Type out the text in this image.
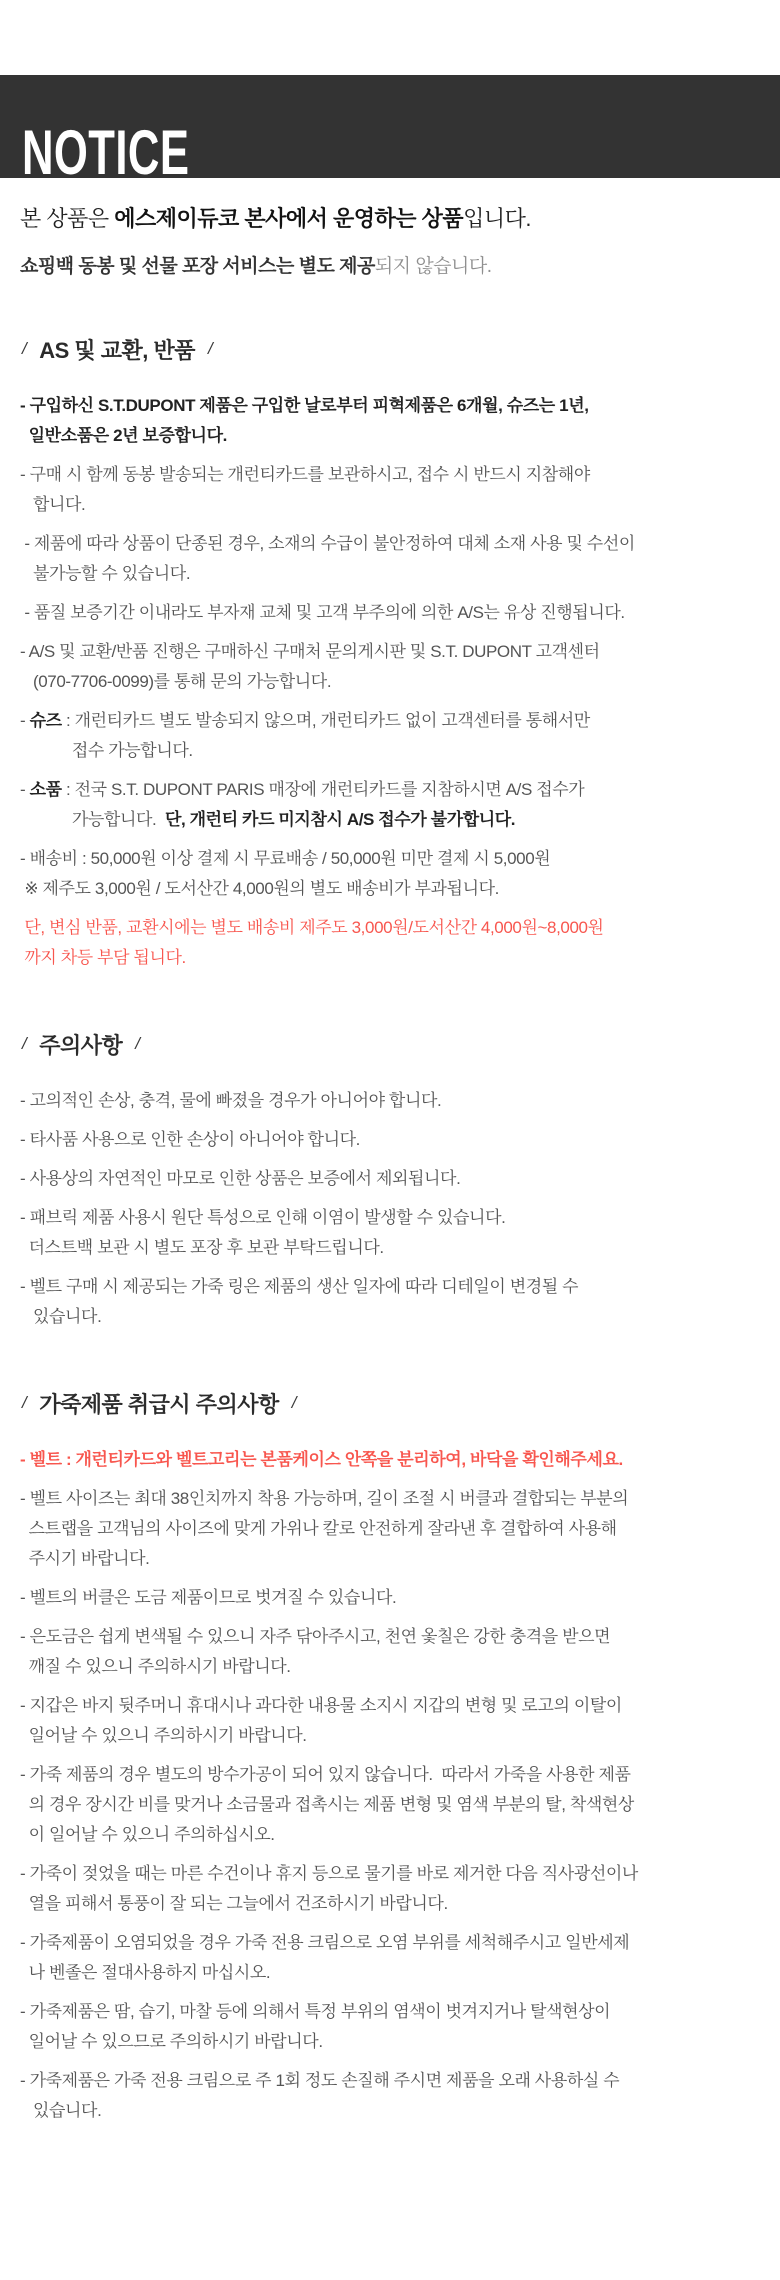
NOTICE
본 상품은 에스제이듀코 본사에서 운영하는 상품입니다.
쇼핑백 동봉 및 선물 포장 서비스는 별도 제공되지 않습니다.
/ AS 및 교환, 반품 /
- 구입하신 S.T.DUPONT 제품은 구입한 날로부터 피혁제품은 6개월, 슈즈는 1년,
일반소품은 2년 보증합니다.
- 구매 시 함께 동봉 발송되는 개런티카드를 보관하시고, 접수 시 반드시 지참해야
합니다.
- 제품에 따라 상품이 단종된 경우, 소재의 수급이 불안정하여 대체 소재 사용 및 수선이
불가능할 수 있습니다.
- 품질 보증기간 이내라도 부자재 교체 및 고객 부주의에 의한 A/S는 유상 진행됩니다.
- A/S 및 교환/반품 진행은 구매하신 구매처 문의게시판 및 S.T. DUPONT 고객센터
(070-7706-0099)를 통해 문의 가능합니다.
- 슈즈 : 개런티카드 별도 발송되지 않으며, 개런티카드 없이 고객센터를 통해서만
접수 가능합니다.
- 소품 : 전국 S.T. DUPONT PARIS 매장에 개런티카드를 지참하시면 A/S 접수가
가능합니다.  단, 개런티 카드 미지참시 A/S 접수가 불가합니다.
- 배송비 : 50,000원 이상 결제 시 무료배송 / 50,000원 미만 결제 시 5,000원
※ 제주도 3,000원 / 도서산간 4,000원의 별도 배송비가 부과됩니다.
단, 변심 반품, 교환시에는 별도 배송비 제주도 3,000원/도서산간 4,000원~8,000원
까지 차등 부담 됩니다.
/ 주의사항 /
- 고의적인 손상, 충격, 물에 빠졌을 경우가 아니어야 합니다.
- 타사품 사용으로 인한 손상이 아니어야 합니다.
- 사용상의 자연적인 마모로 인한 상품은 보증에서 제외됩니다.
- 패브릭 제품 사용시 원단 특성으로 인해 이염이 발생할 수 있습니다.
더스트백 보관 시 별도 포장 후 보관 부탁드립니다.
- 벨트 구매 시 제공되는 가죽 링은 제품의 생산 일자에 따라 디테일이 변경될 수
있습니다.
/ 가죽제품 취급시 주의사항 /
- 벨트 : 개런티카드와 벨트고리는 본품케이스 안쪽을 분리하여, 바닥을 확인해주세요.
- 벨트 사이즈는 최대 38인치까지 착용 가능하며, 길이 조절 시 버클과 결합되는 부분의
스트랩을 고객님의 사이즈에 맞게 가위나 칼로 안전하게 잘라낸 후 결합하여 사용해
주시기 바랍니다.
- 벨트의 버클은 도금 제품이므로 벗겨질 수 있습니다.
- 은도금은 쉽게 변색될 수 있으니 자주 닦아주시고, 천연 옻칠은 강한 충격을 받으면
깨질 수 있으니 주의하시기 바랍니다.
- 지갑은 바지 뒷주머니 휴대시나 과다한 내용물 소지시 지갑의 변형 및 로고의 이탈이
일어날 수 있으니 주의하시기 바랍니다.
- 가죽 제품의 경우 별도의 방수가공이 되어 있지 않습니다.  따라서 가죽을 사용한 제품
의 경우 장시간 비를 맞거나 소금물과 접촉시는 제품 변형 및 염색 부분의 탈, 착색현상
이 일어날 수 있으니 주의하십시오.
- 가죽이 젖었을 때는 마른 수건이나 휴지 등으로 물기를 바로 제거한 다음 직사광선이나
열을 피해서 통풍이 잘 되는 그늘에서 건조하시기 바랍니다.
- 가죽제품이 오염되었을 경우 가죽 전용 크림으로 오염 부위를 세척해주시고 일반세제
나 벤졸은 절대사용하지 마십시오.
- 가죽제품은 땀, 습기, 마찰 등에 의해서 특정 부위의 염색이 벗겨지거나 탈색현상이
일어날 수 있으므로 주의하시기 바랍니다.
- 가죽제품은 가죽 전용 크림으로 주 1회 정도 손질해 주시면 제품을 오래 사용하실 수
있습니다.
